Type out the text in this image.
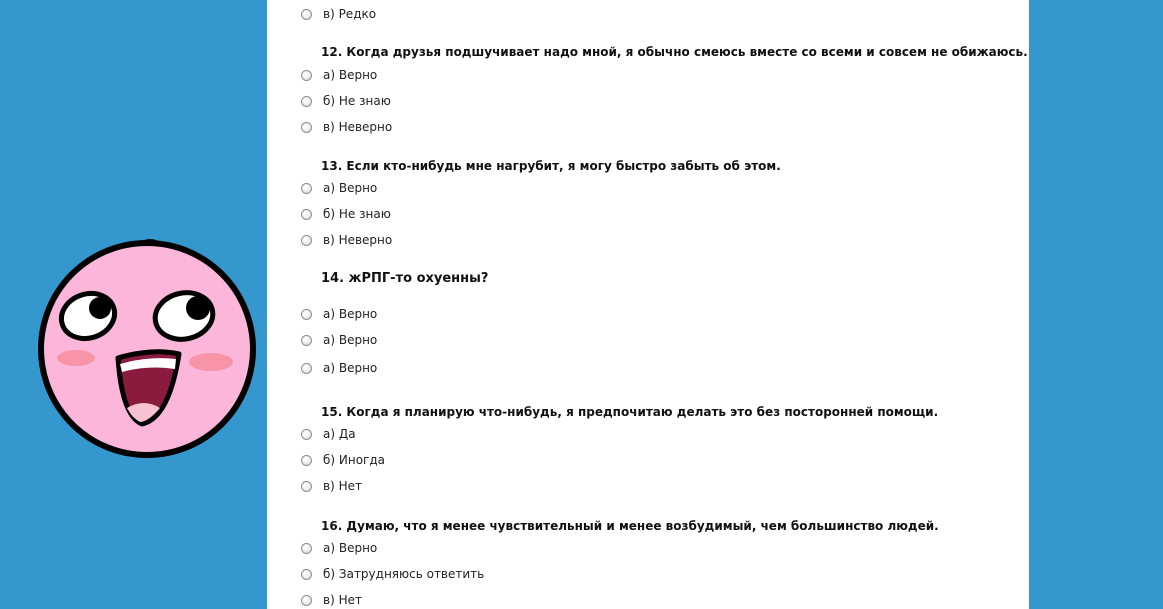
в) Редко

12. Когда друзья подшучивает надо мной, я обычно смеюсь вместе со всеми и совсем не обижаюсь.

а) Верно
б) Не знаю
в) Неверно

13. Если кто-нибудь мне нагрубит, я могу быстро забыть об этом.

а) Верно
б) Не знаю
в) Неверно

14. жРПГ-то охуенны?

а) Верно
а) Верно
а) Верно

15. Когда я планирую что-нибудь, я предпочитаю делать это без посторонней помощи.

а) Да
б) Иногда
в) Нет

16. Думаю, что я менее чувствительный и менее возбудимый, чем большинство людей.

а) Верно
б) Затрудняюсь ответить
в) Нет
